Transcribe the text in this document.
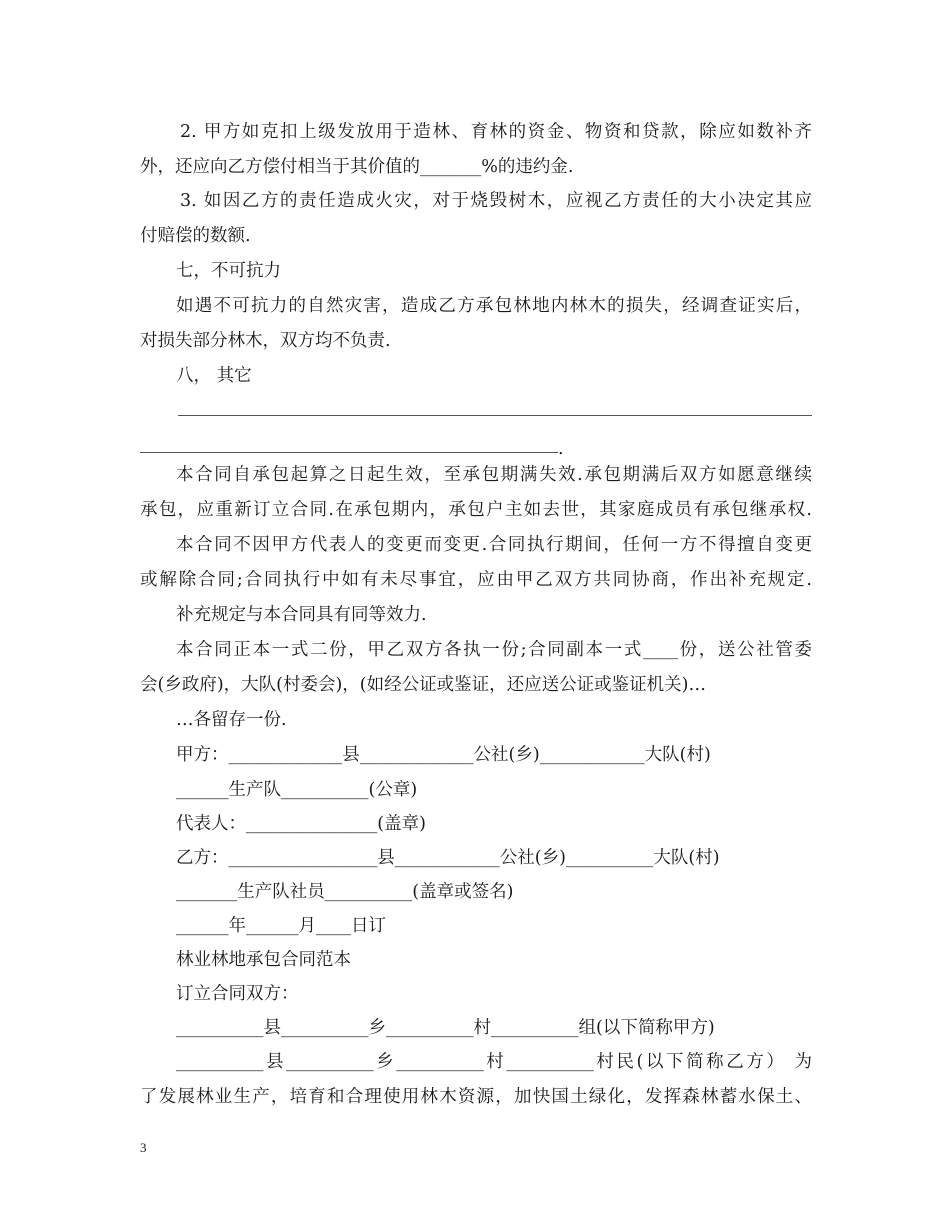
2. 甲方如克扣上级发放用于造林、育林的资金、物资和贷款，除应如数补齐
外，还应向乙方偿付相当于其价值的_______%的违约金.
3. 如因乙方的责任造成火灾，对于烧毁树木，应视乙方责任的大小决定其应
付赔偿的数额.
七，不可抗力
如遇不可抗力的自然灾害，造成乙方承包林地内林木的损失，经调查证实后，
对损失部分林木，双方均不负责.
八， 其它
.
本合同自承包起算之日起生效，至承包期满失效.承包期满后双方如愿意继续
承包，应重新订立合同.在承包期内，承包户主如去世，其家庭成员有承包继承权.
本合同不因甲方代表人的变更而变更.合同执行期间，任何一方不得擅自变更
或解除合同;合同执行中如有未尽事宜，应由甲乙双方共同协商，作出补充规定.
补充规定与本合同具有同等效力.
本合同正本一式二份，甲乙双方各执一份;合同副本一式____份，送公社管委
会(乡政府)，大队(村委会)，(如经公证或鉴证，还应送公证或鉴证机关)…
…各留存一份.
甲方：_____________县_____________公社(乡)____________大队(村)
______生产队__________(公章)
代表人：_______________(盖章)
乙方：_________________县____________公社(乡)__________大队(村)
_______生产队社员__________(盖章或签名)
______年______月____日订
林业林地承包合同范本
订立合同双方：
__________县__________乡__________村__________组(以下简称甲方)
__________县__________乡__________村__________村民(以下简称乙方） 为
了发展林业生产，培育和合理使用林木资源，加快国土绿化，发挥森林蓄水保土、
3
